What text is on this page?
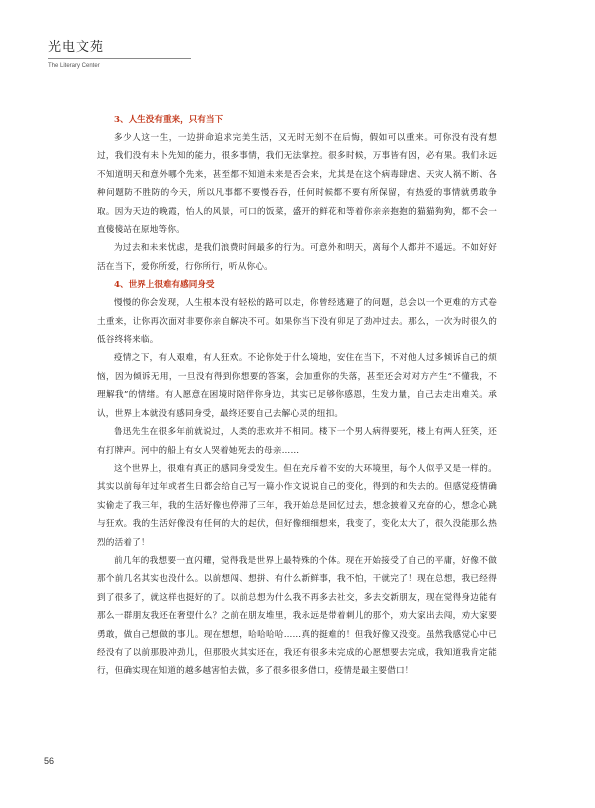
光电文苑
The Literary Center

3、人生没有重来，只有当下

多少人这一生，一边拼命追求完美生活，又无时无刻不在后悔，假如可以重来。可你没有没有想过，我们没有未卜先知的能力，很多事情，我们无法掌控。很多时候，万事皆有因，必有果。我们永远不知道明天和意外哪个先来，甚至都不知道未来是否会来，尤其是在这个病毒肆虐、天灾人祸不断、各种问题防不胜防的今天，所以凡事都不要慢吞吞，任何时候都不要有所保留，有热爱的事情就勇敢争取。因为天边的晚霞，怡人的风景，可口的饭菜，盛开的鲜花和等着你亲亲抱抱的猫猫狗狗，都不会一直傻傻站在原地等你。

为过去和未来忧虑，是我们浪费时间最多的行为。可意外和明天，离每个人都并不遥远。不如好好活在当下，爱你所爱，行你所行，听从你心。

4、世界上很难有感同身受

慢慢的你会发现，人生根本没有轻松的路可以走，你曾经逃避了的问题，总会以一个更难的方式卷土重来，让你再次面对非要你亲自解决不可。如果你当下没有卯足了劲冲过去。那么，一次为时很久的低谷终将来临。

疫情之下，有人艰难，有人狂欢。不论你处于什么境地，安住在当下，不对他人过多倾诉自己的烦恼，因为倾诉无用，一旦没有得到你想要的答案，会加重你的失落，甚至还会对对方产生“不懂我，不理解我”的情绪。有人愿意在困境时陪伴你身边，其实已足够你感恩，生发力量，自己去走出难关。承认，世界上本就没有感同身受，最终还要自己去解心灵的纽扣。

鲁迅先生在很多年前就说过，人类的悲欢并不相同。楼下一个男人病得要死，楼上有两人狂笑，还有打牌声。河中的船上有女人哭着她死去的母亲……

这个世界上，很难有真正的感同身受发生。但在充斥着不安的大环境里，每个人似乎又是一样的。其实以前每年过年或者生日都会给自己写一篇小作文说说自己的变化，得到的和失去的。但感觉疫情确实偷走了我三年，我的生活好像也停滞了三年，我开始总是回忆过去，想念披着又充奋的心，想念心跳与狂欢。我的生活好像没有任何的大的起伏，但好像细细想来，我变了，变化太大了，很久没能那么热烈的活着了！

前几年的我想要一直闪耀，觉得我是世界上最特殊的个体。现在开始接受了自己的平庸，好像不做那个前几名其实也没什么。以前想闯、想拼、有什么新鲜事，我不怕，干就完了！现在总想，我已经得到了很多了，就这样也挺好的了。以前总想为什么我不再多去社交，多去交新朋友，现在觉得身边能有那么一群朋友我还在奢望什么？之前在朋友堆里，我永远是带着刺儿的那个，劝大家出去闯，劝大家要勇敢，做自己想做的事儿。现在想想，哈哈哈哈……真的挺难的！但我好像又没变。虽然我感觉心中已经没有了以前那股冲劲儿，但那股火其实还在，我还有很多未完成的心愿想要去完成，我知道我肯定能行，但确实现在知道的越多越害怕去做，多了很多很多借口，疫情是最主要借口！

56
